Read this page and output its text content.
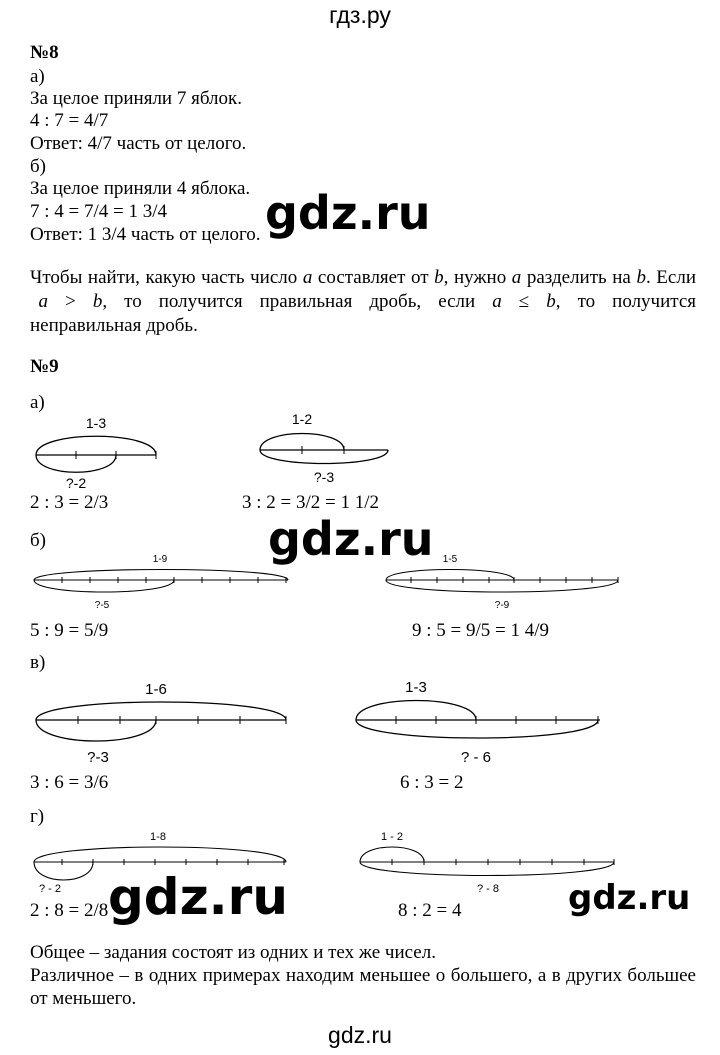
гдз.ру
№8
а)
За целое приняли 7 яблок.
4 : 7 = 4/7
Ответ: 4/7 часть от целого.
б)
За целое приняли 4 яблока.
7 : 4 = 7/4 = 1 3/4
Ответ: 1 3/4 часть от целого. gdz.ru
Чтобы найти, какую часть число a составляет от b, нужно a разделить на b. Если  a  >  b,  то  получится  правильная  дробь,  если  a  ≤  b,  то  получится неправильная дробь.
№9
а)
1-3
?-2
2 : 3 = 2/3
1-2
?-3
3 : 2 = 3/2 = 1 1/2
gdz.ru
б)
1-9
?-5
5 : 9 = 5/9
1-5
?-9
9 : 5 = 9/5 = 1 4/9
в)
1-6
?-3
3 : 6 = 3/6
1-3
? - 6
6 : 3 = 2
г)
1-8
? - 2
2 : 8 = 2/8
1 - 2
? - 8
8 : 2 = 4
gdz.ru	gdz.ru
Общее – задания состоят из одних и тех же чисел.
Различное – в одних примерах находим меньшее о большего, а в других большее от меньшего.
gdz.ru
